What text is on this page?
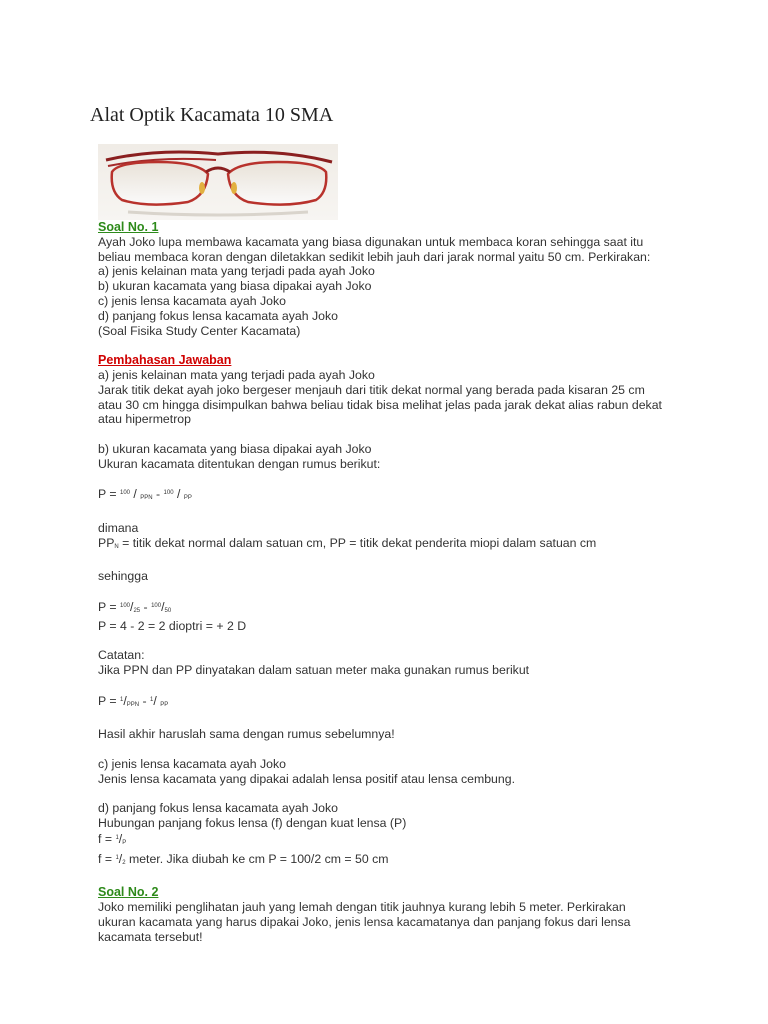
Alat Optik Kacamata 10 SMA

Soal No. 1

Ayah Joko lupa membawa kacamata yang biasa digunakan untuk membaca koran sehingga saat itu

beliau membaca koran dengan diletakkan sedikit lebih jauh dari jarak normal yaitu 50 cm. Perkirakan:

a) jenis kelainan mata yang terjadi pada ayah Joko

b) ukuran kacamata yang biasa dipakai ayah Joko

c) jenis lensa kacamata ayah Joko

d) panjang fokus lensa kacamata ayah Joko

(Soal Fisika Study Center Kacamata)

Pembahasan Jawaban

a) jenis kelainan mata yang terjadi pada ayah Joko

Jarak titik dekat ayah joko bergeser menjauh dari titik dekat normal yang berada pada kisaran 25 cm

atau 30 cm hingga disimpulkan bahwa beliau tidak bisa melihat jelas pada jarak dekat alias rabun dekat

atau hipermetrop

b) ukuran kacamata yang biasa dipakai ayah Joko

Ukuran kacamata ditentukan dengan rumus berikut:

P = $^{100}$ / $_{PPN}$ - $^{100}$ / $_{PP}$

dimana

$PP_N$ = titik dekat normal dalam satuan cm, PP = titik dekat penderita miopi dalam satuan cm

sehingga

$P = ^{100}/_{25} - ^{100}/_{50}$

P = 4 - 2 = 2 dioptri = + 2 D

Catatan:

Jika PPN dan PP dinyatakan dalam satuan meter maka gunakan rumus berikut

$P = ^1/_{PPN} - ^1/$ $_{PP}$

Hasil akhir haruslah sama dengan rumus sebelumnya!

c) jenis lensa kacamata ayah Joko

Jenis lensa kacamata yang dipakai adalah lensa positif atau lensa cembung.

d) panjang fokus lensa kacamata ayah Joko

Hubungan panjang fokus lensa (f) dengan kuat lensa (P)

$f = ^1/_P$

$f = ^1/_2$ meter. Jika diubah ke cm P = 100/2 cm = 50 cm

Soal No. 2

Joko memiliki penglihatan jauh yang lemah dengan titik jauhnya kurang lebih 5 meter. Perkirakan

ukuran kacamata yang harus dipakai Joko, jenis lensa kacamatanya dan panjang fokus dari lensa

kacamata tersebut!
